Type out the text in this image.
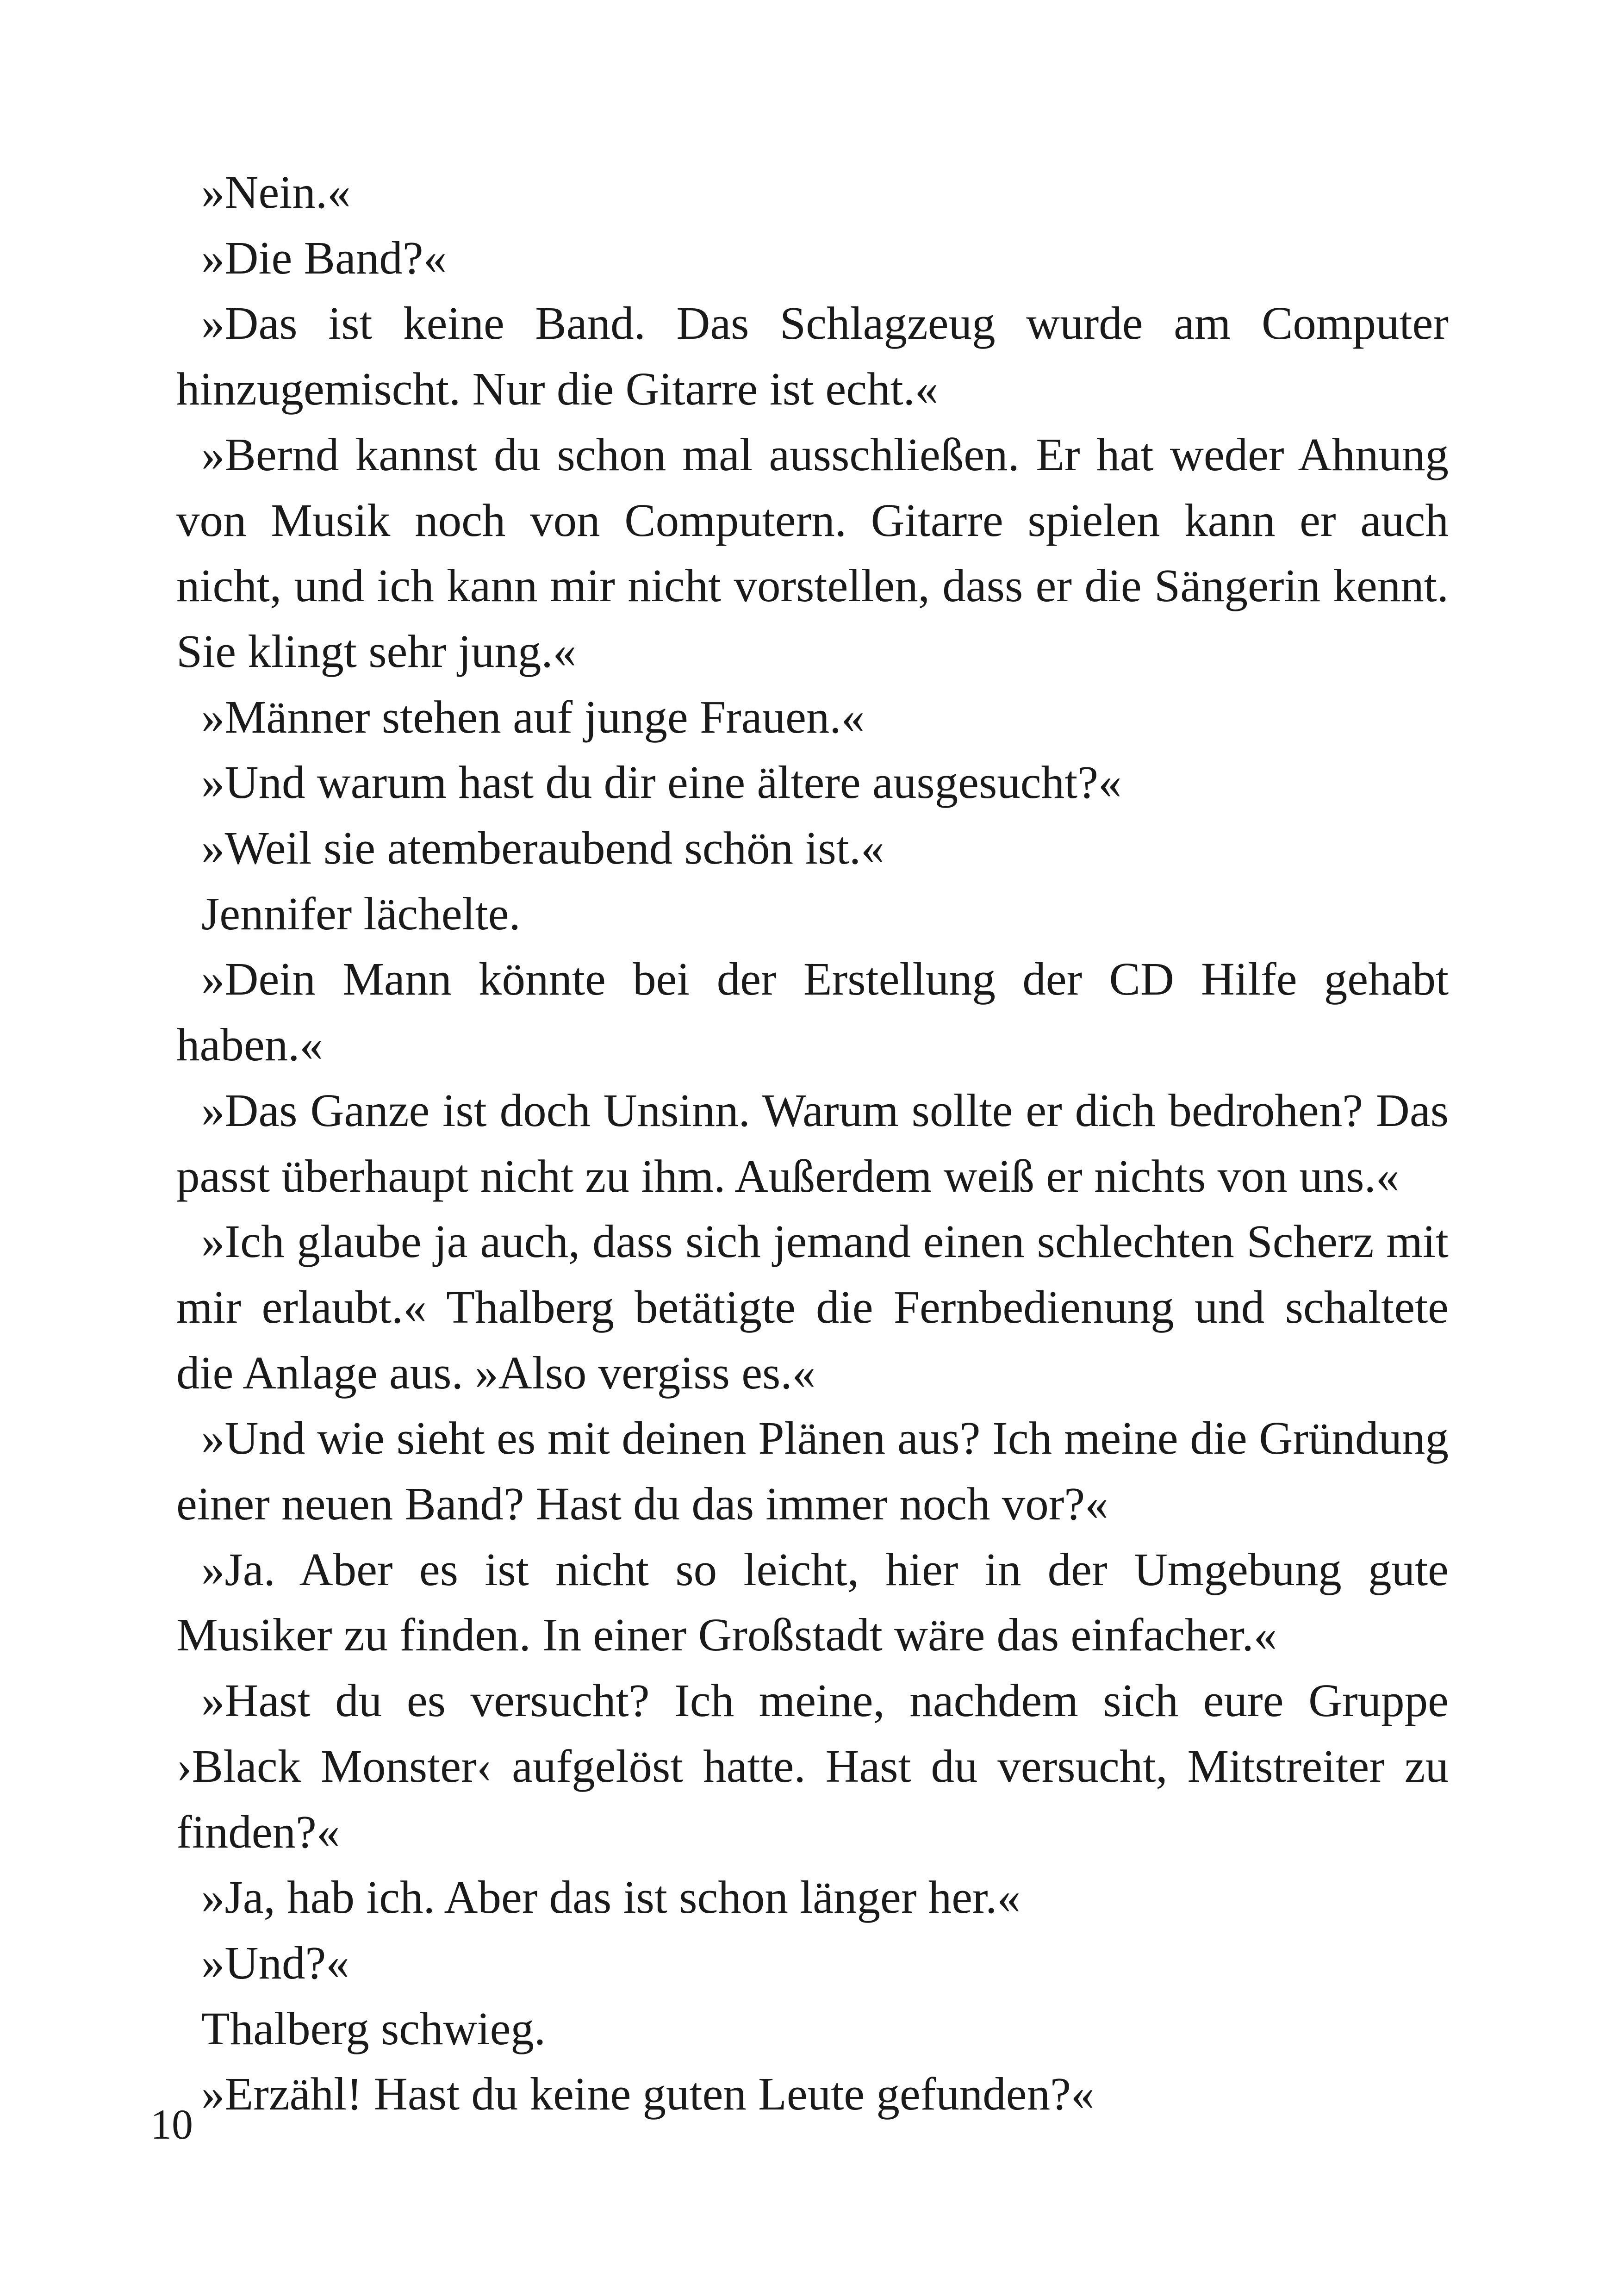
»Nein.«

»Die Band?«

»Das ist keine Band. Das Schlagzeug wurde am Computer hinzugemischt. Nur die Gitarre ist echt.«

»Bernd kannst du schon mal ausschließen. Er hat weder Ahnung von Musik noch von Computern. Gitarre spielen kann er auch nicht, und ich kann mir nicht vorstellen, dass er die Sängerin kennt. Sie klingt sehr jung.«

»Männer stehen auf junge Frauen.«

»Und warum hast du dir eine ältere ausgesucht?«

»Weil sie atemberaubend schön ist.«

Jennifer lächelte.

»Dein Mann könnte bei der Erstellung der CD Hilfe gehabt haben.«

»Das Ganze ist doch Unsinn. Warum sollte er dich bedrohen? Das passt überhaupt nicht zu ihm. Außerdem weiß er nichts von uns.«

»Ich glaube ja auch, dass sich jemand einen schlechten Scherz mit mir erlaubt.« Thalberg betätigte die Fernbedienung und schaltete die Anlage aus. »Also vergiss es.«

»Und wie sieht es mit deinen Plänen aus? Ich meine die Gründung einer neuen Band? Hast du das immer noch vor?«

»Ja. Aber es ist nicht so leicht, hier in der Umgebung gute Musiker zu finden. In einer Großstadt wäre das einfacher.«

»Hast du es versucht? Ich meine, nachdem sich eure Gruppe ›Black Monster‹ aufgelöst hatte. Hast du versucht, Mitstreiter zu finden?«

»Ja, hab ich. Aber das ist schon länger her.«

»Und?«

Thalberg schwieg.

»Erzähl! Hast du keine guten Leute gefunden?«

10
